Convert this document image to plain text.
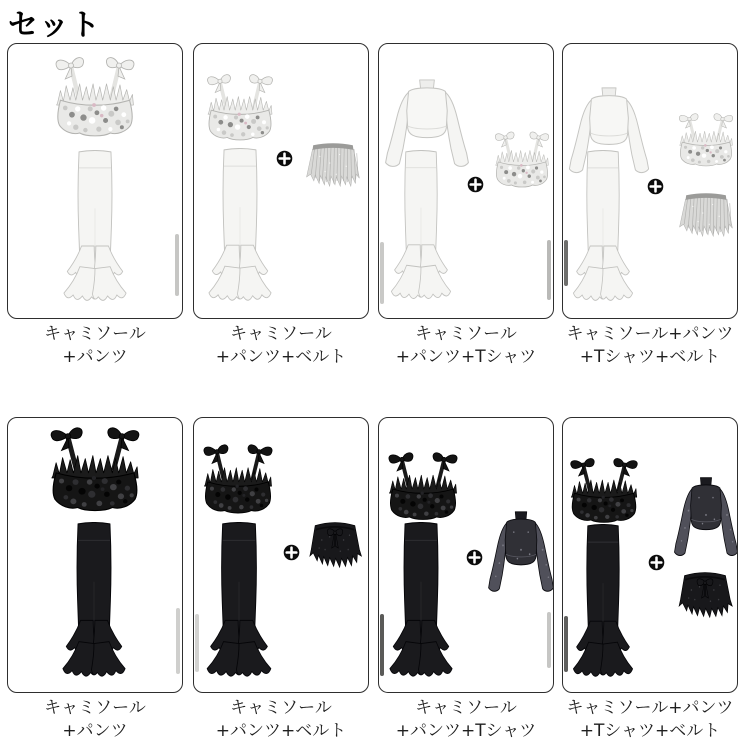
セット
キャミソール
+パンツ
キャミソール
+パンツ+ベルト
キャミソール
+パンツ+Tシャツ
キャミソール+パンツ
+Tシャツ+ベルト
キャミソール
+パンツ
キャミソール
+パンツ+ベルト
キャミソール
+パンツ+Tシャツ
キャミソール+パンツ
+Tシャツ+ベルト
